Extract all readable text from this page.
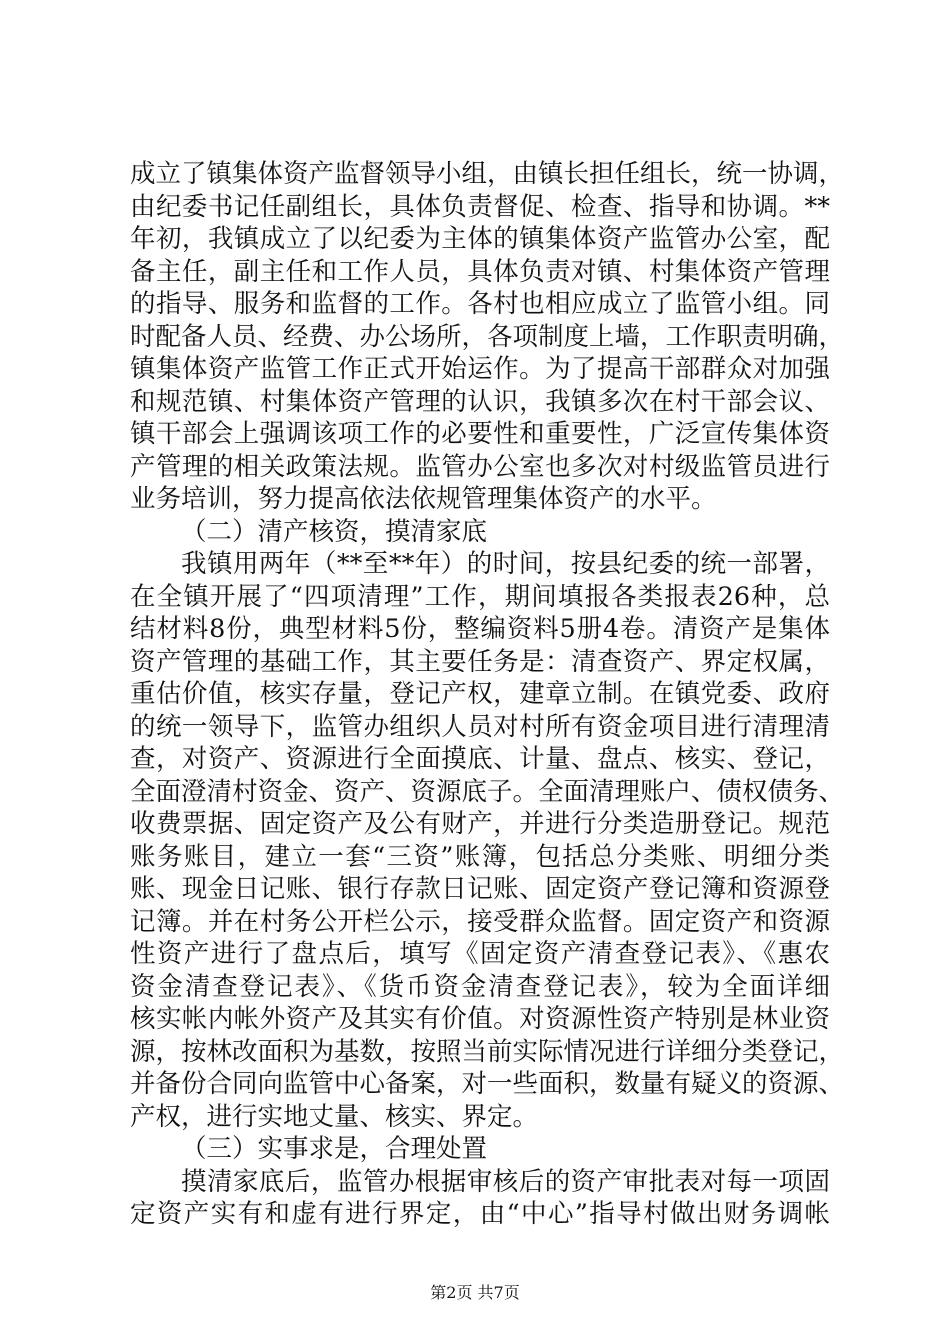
成立了镇集体资产监督领导小组，由镇长担任组长，统一协调，
由纪委书记任副组长，具体负责督促、检查、指导和协调。**
年初，我镇成立了以纪委为主体的镇集体资产监管办公室，配
备主任，副主任和工作人员，具体负责对镇、村集体资产管理
的指导、服务和监督的工作。各村也相应成立了监管小组。同
时配备人员、经费、办公场所，各项制度上墙，工作职责明确，
镇集体资产监管工作正式开始运作。为了提高干部群众对加强
和规范镇、村集体资产管理的认识，我镇多次在村干部会议、
镇干部会上强调该项工作的必要性和重要性，广泛宣传集体资
产管理的相关政策法规。监管办公室也多次对村级监管员进行
业务培训，努力提高依法依规管理集体资产的水平。
（二）清产核资，摸清家底
我镇用两年（**至**年）的时间，按县纪委的统一部署，
在全镇开展了“四项清理”工作，期间填报各类报表26种，总
结材料8份，典型材料5份，整编资料5册4卷。清资产是集体
资产管理的基础工作，其主要任务是：清查资产、界定权属，
重估价值，核实存量，登记产权，建章立制。在镇党委、政府
的统一领导下，监管办组织人员对村所有资金项目进行清理清
查，对资产、资源进行全面摸底、计量、盘点、核实、登记，
全面澄清村资金、资产、资源底子。全面清理账户、债权债务、
收费票据、固定资产及公有财产，并进行分类造册登记。规范
账务账目，建立一套“三资”账簿，包括总分类账、明细分类
账、现金日记账、银行存款日记账、固定资产登记簿和资源登
记簿。并在村务公开栏公示，接受群众监督。固定资产和资源
性资产进行了盘点后，填写《固定资产清查登记表》、《惠农
资金清查登记表》、《货币资金清查登记表》，较为全面详细
核实帐内帐外资产及其实有价值。对资源性资产特别是林业资
源，按林改面积为基数，按照当前实际情况进行详细分类登记，
并备份合同向监管中心备案，对一些面积，数量有疑义的资源、
产权，进行实地丈量、核实、界定。
（三）实事求是，合理处置
摸清家底后，监管办根据审核后的资产审批表对每一项固
定资产实有和虚有进行界定，由“中心”指导村做出财务调帐
第2页 共7页
